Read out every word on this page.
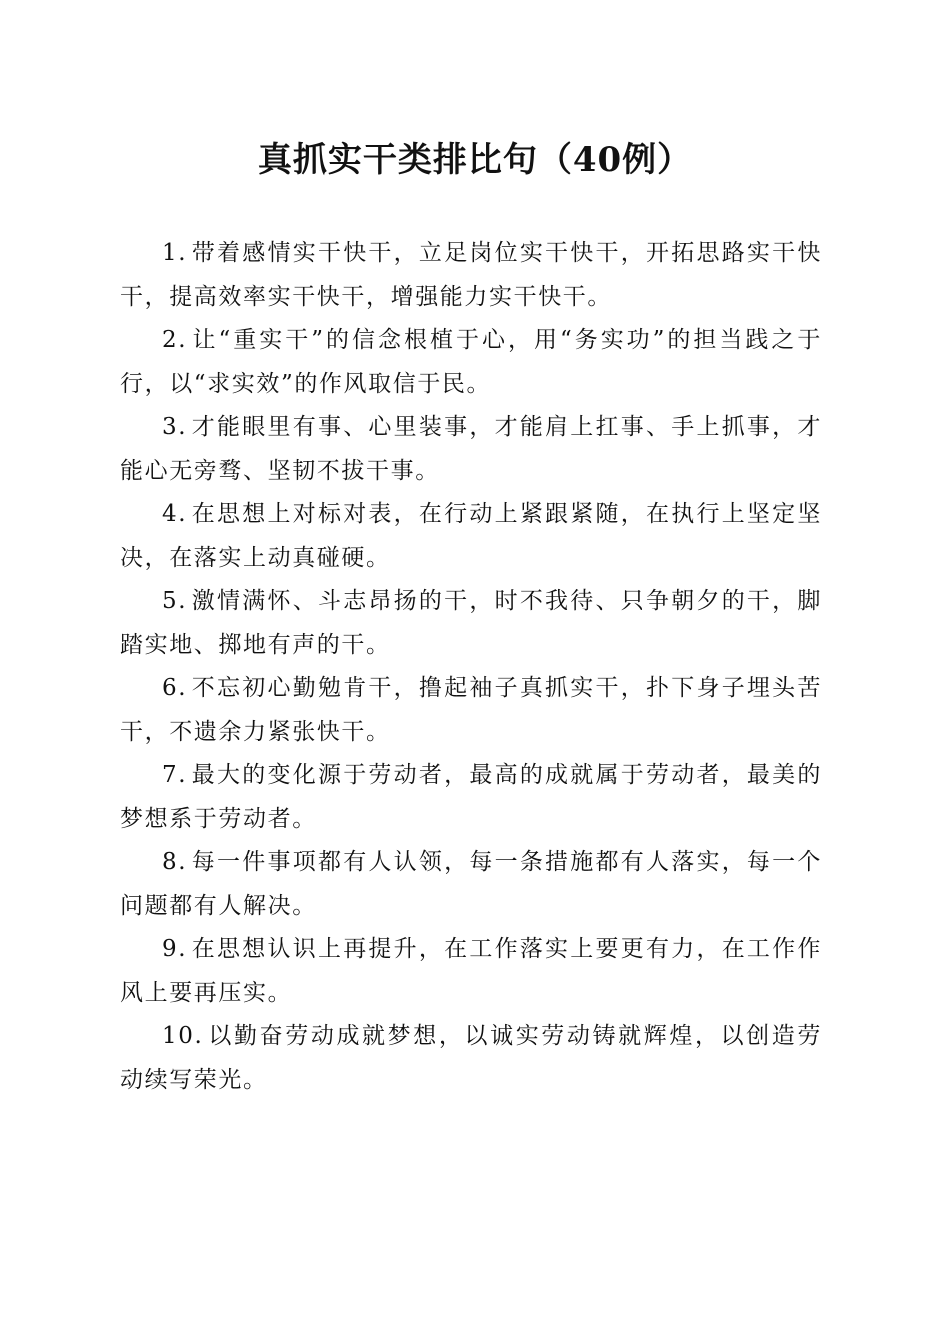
真抓实干类排比句（40例）

1. 带着感情实干快干，立足岗位实干快干，开拓思路实干快干，提高效率实干快干，增强能力实干快干。

2. 让“重实干”的信念根植于心，用“务实功”的担当践之于行，以“求实效”的作风取信于民。

3. 才能眼里有事、心里装事，才能肩上扛事、手上抓事，才能心无旁骛、坚韧不拔干事。

4. 在思想上对标对表，在行动上紧跟紧随，在执行上坚定坚决，在落实上动真碰硬。

5. 激情满怀、斗志昂扬的干，时不我待、只争朝夕的干，脚踏实地、掷地有声的干。

6. 不忘初心勤勉肯干，撸起袖子真抓实干，扑下身子埋头苦干，不遗余力紧张快干。

7. 最大的变化源于劳动者，最高的成就属于劳动者，最美的梦想系于劳动者。

8. 每一件事项都有人认领，每一条措施都有人落实，每一个问题都有人解决。

9. 在思想认识上再提升，在工作落实上要更有力，在工作作风上要再压实。

10. 以勤奋劳动成就梦想，以诚实劳动铸就辉煌，以创造劳动续写荣光。
